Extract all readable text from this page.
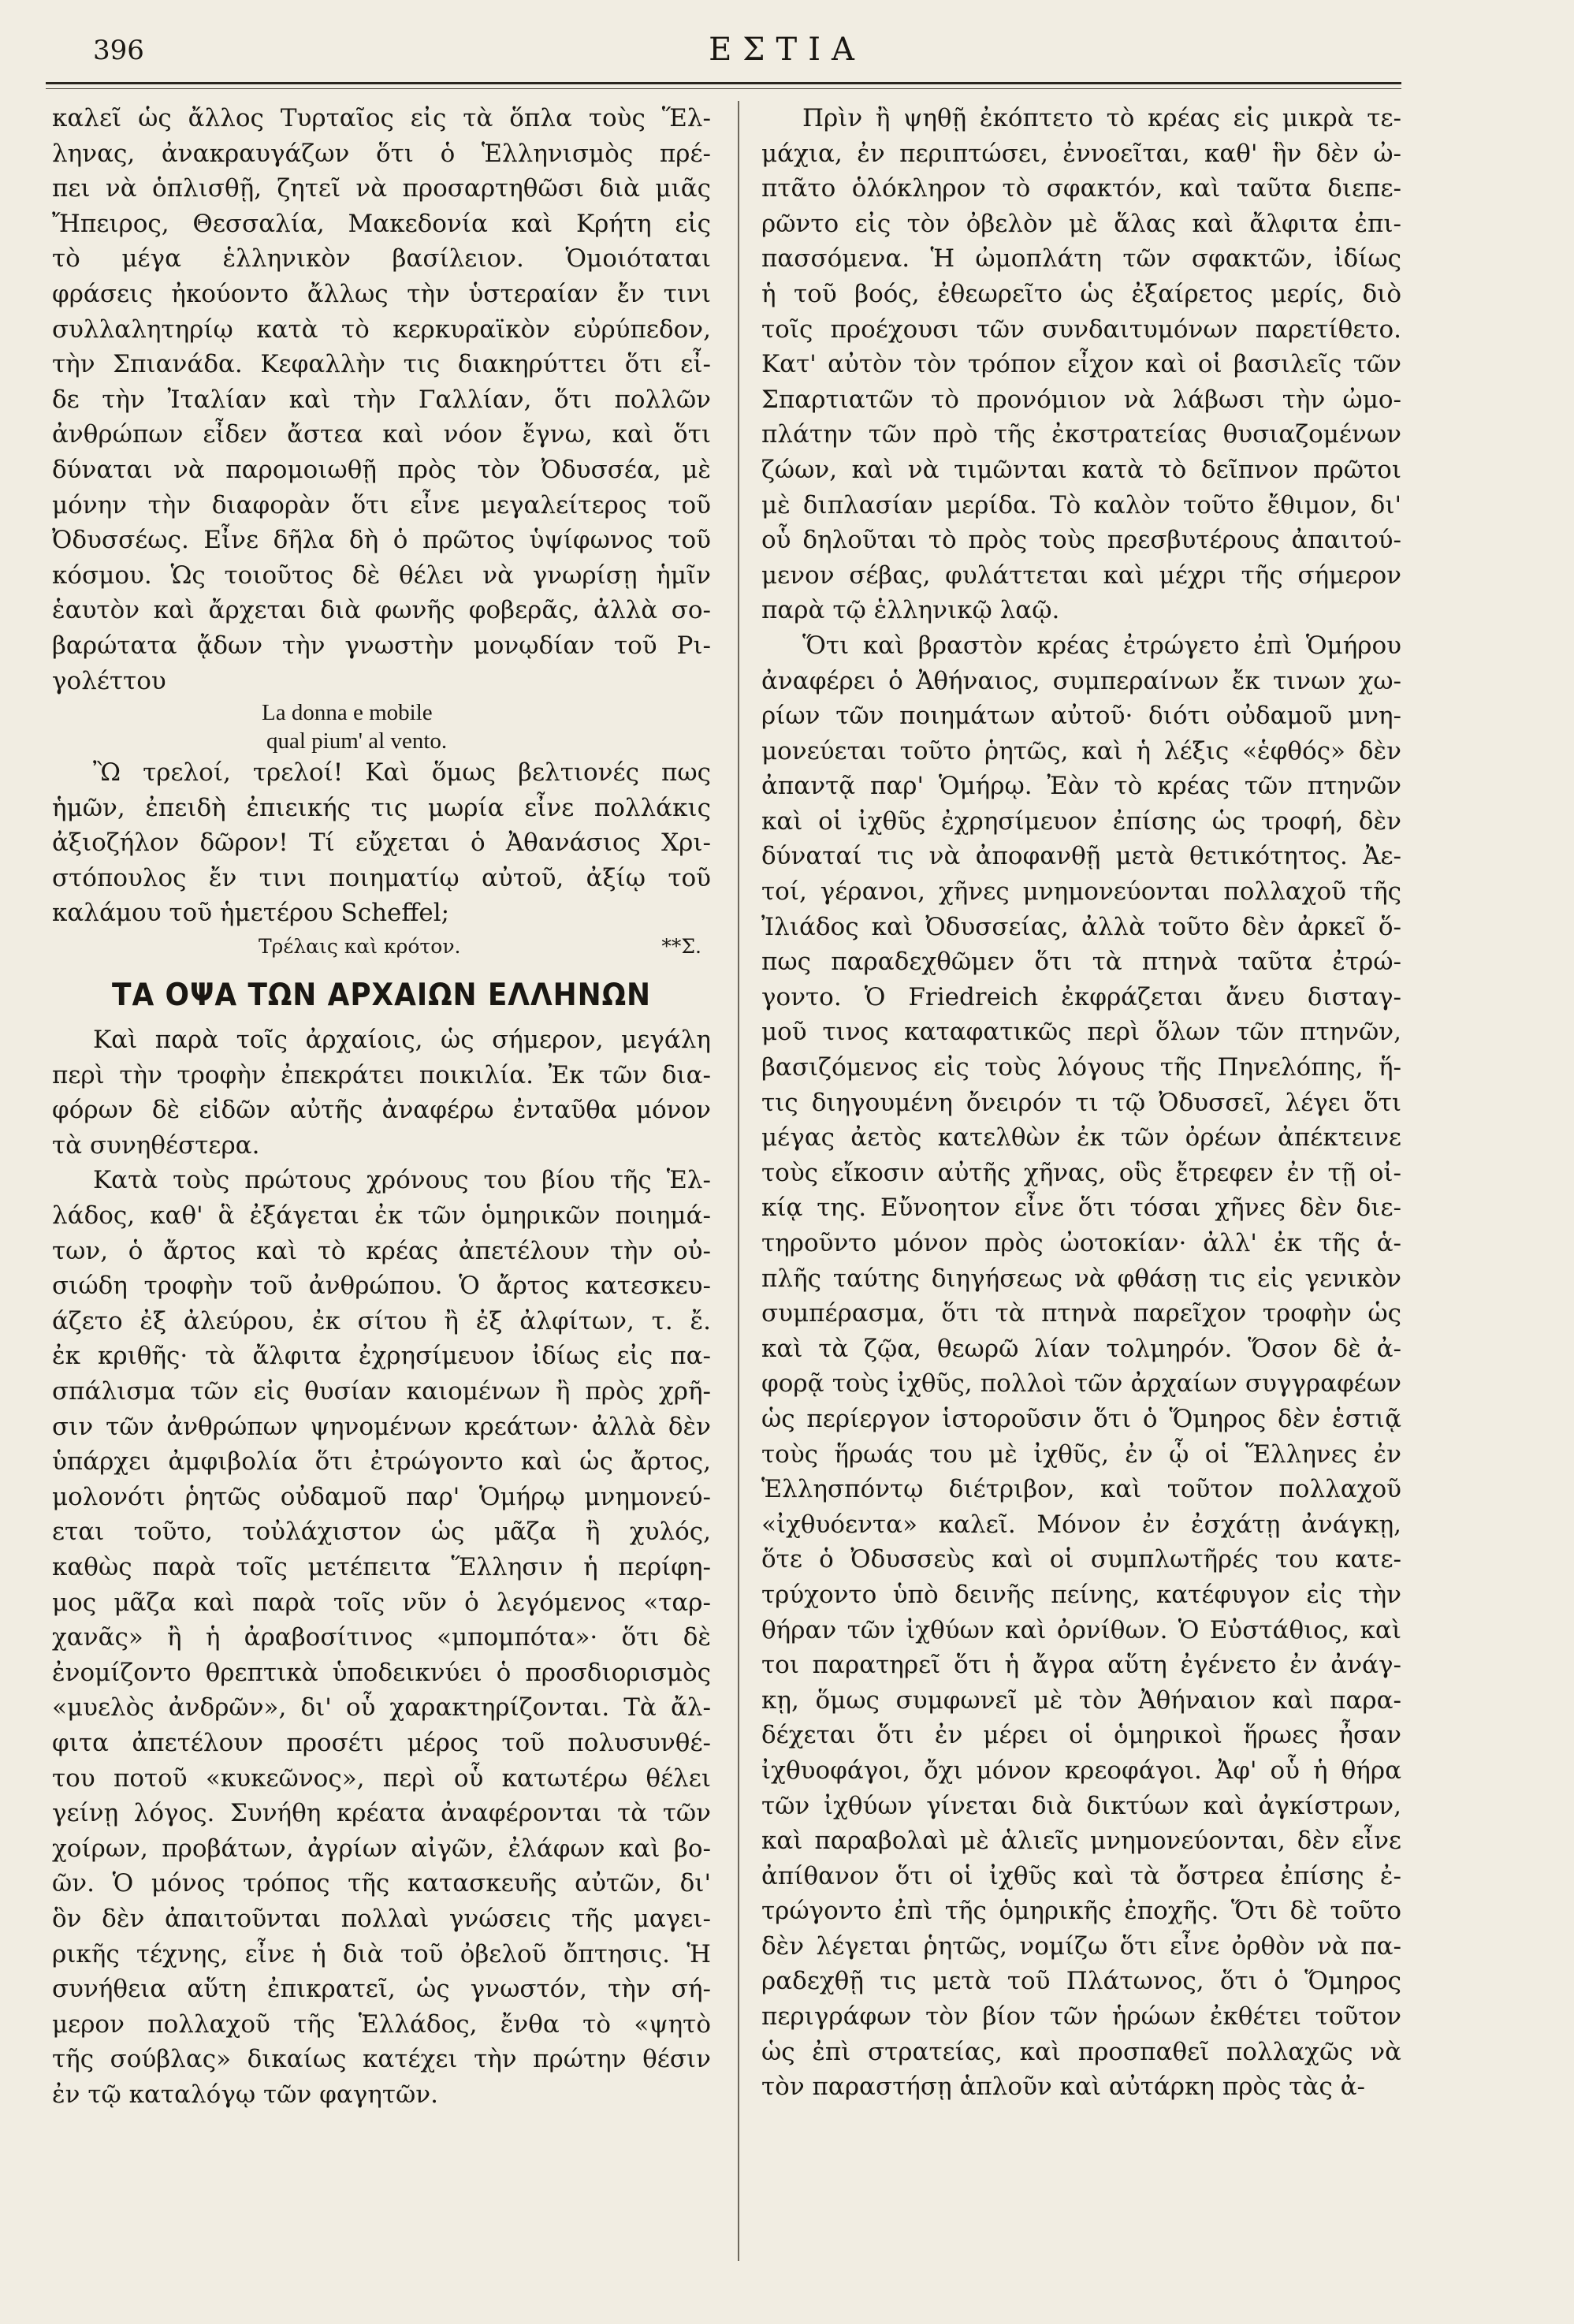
396	ΕΣΤΙΑ
καλεῖ ὡς ἄλλος Τυρταῖος εἰς τὰ ὅπλα τοὺς Ἕλ-
ληνας, ἀνακραυγάζων ὅτι ὁ Ἑλληνισμὸς πρέ-
πει νὰ ὁπλισθῇ, ζητεῖ νὰ προσαρτηθῶσι διὰ μιᾶς
Ἤπειρος, Θεσσαλία, Μακεδονία καὶ Κρήτη εἰς
τὸ μέγα ἑλληνικὸν βασίλειον. Ὁμοιόταται
φράσεις ἠκούοντο ἄλλως τὴν ὑστεραίαν ἔν τινι
συλλαλητηρίῳ κατὰ τὸ κερκυραϊκὸν εὐρύπεδον,
τὴν Σπιανάδα. Κεφαλλὴν τις διακηρύττει ὅτι εἶ-
δε τὴν Ἰταλίαν καὶ τὴν Γαλλίαν, ὅτι πολλῶν
ἀνθρώπων εἶδεν ἄστεα καὶ νόον ἔγνω, καὶ ὅτι
δύναται νὰ παρομοιωθῇ πρὸς τὸν Ὀδυσσέα, μὲ
μόνην τὴν διαφορὰν ὅτι εἶνε μεγαλείτερος τοῦ
Ὀδυσσέως. Εἶνε δῆλα δὴ ὁ πρῶτος ὑψίφωνος τοῦ
κόσμου. Ὡς τοιοῦτος δὲ θέλει νὰ γνωρίσῃ ἡμῖν
ἑαυτὸν καὶ ἄρχεται διὰ φωνῆς φοβερᾶς, ἀλλὰ σο-
βαρώτατα ᾄδων τὴν γνωστὴν μονῳδίαν τοῦ Ρι-
γολέττου
La donna e mobile
qual pium' al vento.
Ὢ τρελοί, τρελοί! Καὶ ὅμως βελτιονές πως
ἡμῶν, ἐπειδὴ ἐπιεικής τις μωρία εἶνε πολλάκις
ἀξιοζήλον δῶρον! Τί εὔχεται ὁ Ἀθανάσιος Χρι-
στόπουλος ἔν τινι ποιηματίῳ αὐτοῦ, ἀξίῳ τοῦ
καλάμου τοῦ ἡμετέρου Scheffel;
Τρέλαις καὶ κρότον.	**Σ.
ΤΑ ΟΨΑ ΤΩΝ ΑΡΧΑΙΩΝ ΕΛΛΗΝΩΝ
Καὶ παρὰ τοῖς ἀρχαίοις, ὡς σήμερον, μεγάλη
περὶ τὴν τροφὴν ἐπεκράτει ποικιλία. Ἐκ τῶν δια-
φόρων δὲ εἰδῶν αὐτῆς ἀναφέρω ἐνταῦθα μόνον
τὰ συνηθέστερα.
Κατὰ τοὺς πρώτους χρόνους του βίου τῆς Ἑλ-
λάδος, καθ' ἃ ἐξάγεται ἐκ τῶν ὁμηρικῶν ποιημά-
των, ὁ ἄρτος καὶ τὸ κρέας ἀπετέλουν τὴν οὐ-
σιώδη τροφὴν τοῦ ἀνθρώπου. Ὁ ἄρτος κατεσκευ-
άζετο ἐξ ἀλεύρου, ἐκ σίτου ἢ ἐξ ἀλφίτων, τ. ἔ.
ἐκ κριθῆς· τὰ ἄλφιτα ἐχρησίμευον ἰδίως εἰς πα-
σπάλισμα τῶν εἰς θυσίαν καιομένων ἢ πρὸς χρῆ-
σιν τῶν ἀνθρώπων ψηνομένων κρεάτων· ἀλλὰ δὲν
ὑπάρχει ἀμφιβολία ὅτι ἐτρώγοντο καὶ ὡς ἄρτος,
μολονότι ῥητῶς οὐδαμοῦ παρ' Ὁμήρῳ μνημονεύ-
εται τοῦτο, τοὐλάχιστον ὡς μᾶζα ἢ χυλός,
καθὼς παρὰ τοῖς μετέπειτα Ἕλλησιν ἡ περίφη-
μος μᾶζα καὶ παρὰ τοῖς νῦν ὁ λεγόμενος «ταρ-
χανᾶς» ἢ ἡ ἀραβοσίτινος «μπομπότα»· ὅτι δὲ
ἐνομίζοντο θρεπτικὰ ὑποδεικνύει ὁ προσδιορισμὸς
«μυελὸς ἀνδρῶν», δι' οὗ χαρακτηρίζονται. Τὰ ἄλ-
φιτα ἀπετέλουν προσέτι μέρος τοῦ πολυσυνθέ-
του ποτοῦ «κυκεῶνος», περὶ οὗ κατωτέρω θέλει
γείνῃ λόγος. Συνήθη κρέατα ἀναφέρονται τὰ τῶν
χοίρων, προβάτων, ἀγρίων αἰγῶν, ἐλάφων καὶ βο-
ῶν. Ὁ μόνος τρόπος τῆς κατασκευῆς αὐτῶν, δι'
ὃν δὲν ἀπαιτοῦνται πολλαὶ γνώσεις τῆς μαγει-
ρικῆς τέχνης, εἶνε ἡ διὰ τοῦ ὀβελοῦ ὄπτησις. Ἡ
συνήθεια αὕτη ἐπικρατεῖ, ὡς γνωστόν, τὴν σή-
μερον πολλαχοῦ τῆς Ἑλλάδος, ἔνθα τὸ «ψητὸ
τῆς σούβλας» δικαίως κατέχει τὴν πρώτην θέσιν
ἐν τῷ καταλόγῳ τῶν φαγητῶν.
Πρὶν ἢ ψηθῇ ἐκόπτετο τὸ κρέας εἰς μικρὰ τε-
μάχια, ἐν περιπτώσει, ἐννοεῖται, καθ' ἣν δὲν ὠ-
πτᾶτο ὁλόκληρον τὸ σφακτόν, καὶ ταῦτα διεπε-
ρῶντο εἰς τὸν ὀβελὸν μὲ ἅλας καὶ ἄλφιτα ἐπι-
πασσόμενα. Ἡ ὠμοπλάτη τῶν σφακτῶν, ἰδίως
ἡ τοῦ βοός, ἐθεωρεῖτο ὡς ἐξαίρετος μερίς, διὸ
τοῖς προέχουσι τῶν συνδαιτυμόνων παρετίθετο.
Κατ' αὐτὸν τὸν τρόπον εἶχον καὶ οἱ βασιλεῖς τῶν
Σπαρτιατῶν τὸ προνόμιον νὰ λάβωσι τὴν ὠμο-
πλάτην τῶν πρὸ τῆς ἐκστρατείας θυσιαζομένων
ζώων, καὶ νὰ τιμῶνται κατὰ τὸ δεῖπνον πρῶτοι
μὲ διπλασίαν μερίδα. Τὸ καλὸν τοῦτο ἔθιμον, δι'
οὗ δηλοῦται τὸ πρὸς τοὺς πρεσβυτέρους ἀπαιτού-
μενον σέβας, φυλάττεται καὶ μέχρι τῆς σήμερον
παρὰ τῷ ἑλληνικῷ λαῷ.
Ὅτι καὶ βραστὸν κρέας ἐτρώγετο ἐπὶ Ὁμήρου
ἀναφέρει ὁ Ἀθήναιος, συμπεραίνων ἔκ τινων χω-
ρίων τῶν ποιημάτων αὐτοῦ· διότι οὐδαμοῦ μνη-
μονεύεται τοῦτο ῥητῶς, καὶ ἡ λέξις «ἑφθός» δὲν
ἀπαντᾷ παρ' Ὁμήρῳ. Ἐὰν τὸ κρέας τῶν πτηνῶν
καὶ οἱ ἰχθῦς ἐχρησίμευον ἐπίσης ὡς τροφή, δὲν
δύναταί τις νὰ ἀποφανθῇ μετὰ θετικότητος. Ἀε-
τοί, γέρανοι, χῆνες μνημονεύονται πολλαχοῦ τῆς
Ἰλιάδος καὶ Ὀδυσσείας, ἀλλὰ τοῦτο δὲν ἀρκεῖ ὅ-
πως παραδεχθῶμεν ὅτι τὰ πτηνὰ ταῦτα ἐτρώ-
γοντο. Ὁ Friedreich ἐκφράζεται ἄνευ δισταγ-
μοῦ τινος καταφατικῶς περὶ ὅλων τῶν πτηνῶν,
βασιζόμενος εἰς τοὺς λόγους τῆς Πηνελόπης, ἥ-
τις διηγουμένη ὄνειρόν τι τῷ Ὀδυσσεῖ, λέγει ὅτι
μέγας ἀετὸς κατελθὼν ἐκ τῶν ὀρέων ἀπέκτεινε
τοὺς εἴκοσιν αὐτῆς χῆνας, οὓς ἔτρεφεν ἐν τῇ οἰ-
κίᾳ της. Εὔνοητον εἶνε ὅτι τόσαι χῆνες δὲν διε-
τηροῦντο μόνον πρὸς ὠοτοκίαν· ἀλλ' ἐκ τῆς ἁ-
πλῆς ταύτης διηγήσεως νὰ φθάσῃ τις εἰς γενικὸν
συμπέρασμα, ὅτι τὰ πτηνὰ παρεῖχον τροφὴν ὡς
καὶ τὰ ζῷα, θεωρῶ λίαν τολμηρόν. Ὅσον δὲ ἀ-
φορᾷ τοὺς ἰχθῦς, πολλοὶ τῶν ἀρχαίων συγγραφέων
ὡς περίεργον ἱστοροῦσιν ὅτι ὁ Ὅμηρος δὲν ἑστιᾷ
τοὺς ἥρωάς του μὲ ἰχθῦς, ἐν ᾧ οἱ Ἕλληνες ἐν
Ἑλλησπόντῳ διέτριβον, καὶ τοῦτον πολλαχοῦ
«ἰχθυόεντα» καλεῖ. Μόνον ἐν ἐσχάτῃ ἀνάγκῃ,
ὅτε ὁ Ὀδυσσεὺς καὶ οἱ συμπλωτῆρές του κατε-
τρύχοντο ὑπὸ δεινῆς πείνης, κατέφυγον εἰς τὴν
θήραν τῶν ἰχθύων καὶ ὀρνίθων. Ὁ Εὐστάθιος, καὶ
τοι παρατηρεῖ ὅτι ἡ ἄγρα αὕτη ἐγένετο ἐν ἀνάγ-
κῃ, ὅμως συμφωνεῖ μὲ τὸν Ἀθήναιον καὶ παρα-
δέχεται ὅτι ἐν μέρει οἱ ὁμηρικοὶ ἥρωες ἦσαν
ἰχθυοφάγοι, ὄχι μόνον κρεοφάγοι. Ἀφ' οὗ ἡ θήρα
τῶν ἰχθύων γίνεται διὰ δικτύων καὶ ἀγκίστρων,
καὶ παραβολαὶ μὲ ἁλιεῖς μνημονεύονται, δὲν εἶνε
ἀπίθανον ὅτι οἱ ἰχθῦς καὶ τὰ ὄστρεα ἐπίσης ἐ-
τρώγοντο ἐπὶ τῆς ὁμηρικῆς ἐποχῆς. Ὅτι δὲ τοῦτο
δὲν λέγεται ῥητῶς, νομίζω ὅτι εἶνε ὀρθὸν νὰ πα-
ραδεχθῇ τις μετὰ τοῦ Πλάτωνος, ὅτι ὁ Ὅμηρος
περιγράφων τὸν βίον τῶν ἡρώων ἐκθέτει τοῦτον
ὡς ἐπὶ στρατείας, καὶ προσπαθεῖ πολλαχῶς νὰ
τὸν παραστήσῃ ἁπλοῦν καὶ αὐτάρκη πρὸς τὰς ἀ-
